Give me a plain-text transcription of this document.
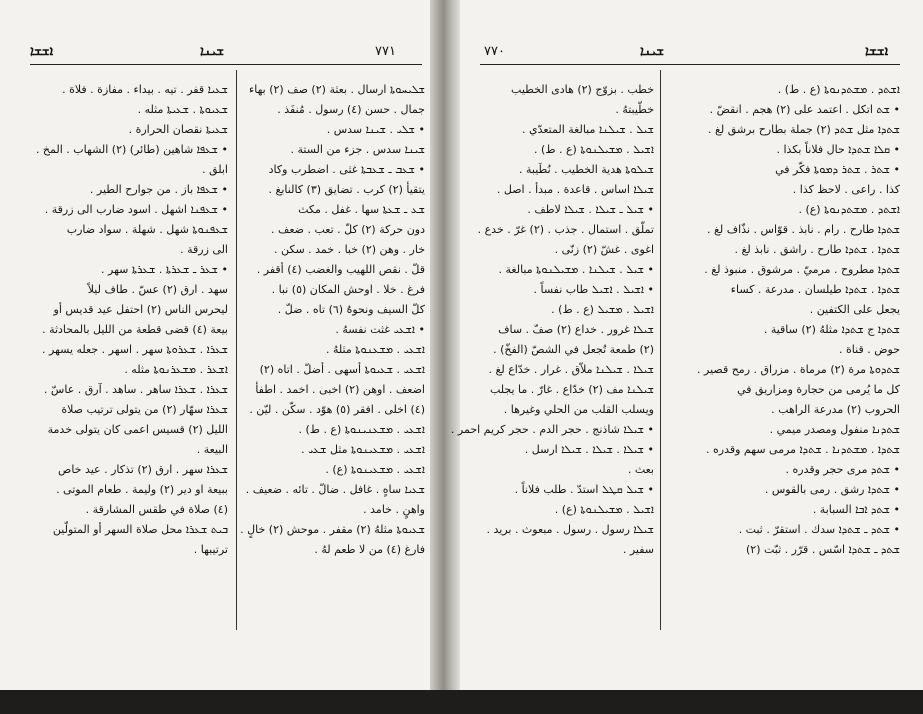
ܐܫܫܐ	ܫܝܢܐ	٧٧١
ܫܠܝܚܘܬܐ ارسال . بعثة (٢) صف (٢) بهاء
جمال . حسن (٤) رسول . مُنفَذ .
• ܫܠܝ . ܫܝܢܐ سدس .
ܫܝܢܐ سدس . جزء من الستة .
• ܫܥܒ ـ ܫܥܒܬܐ غثى . اضطرب وكاد
يتقيأ (٢) كرب . تضايق (٣) كالنابغ .
ܫܥ ـ ܫܥܬܐ سها . غفل . مكث
دون حركة (٢) كلّ . تعب . ضعف .
خار . وهن (٢) خبا . خمد . سكن .
قلّ . نقص اللهيب والغضب (٤) أقفر .
فرغ . خلا . اوحش المكان (٥) نبا .
كلّ السيف ونحوهُ (٦) تاه . ضلّ .
• ܐܫܥܝ غثت نفسهُ .
ܐܫܥܝ . ܡܫܥܢܘܬܐ مثلهُ .
ܐܫܥܝ . ܫܥܝܘܬܐ أسهى . أضلّ . اتاه (٢)
اضعف . اوهن (٢) اخبى . اخمد . اطفأ
(٤) اخلى . افقر (٥) هوّد . سكّن . ليّن .
ܐܫܥܝ . ܡܫܥܢܝܢܘܬܐ (ع . ط) .
ܐܫܥܝ . ܡܫܥܝܢܘܬܐ مثل ܫܥܝ .
ܐܫܥܝ . ܡܫܥܝܢܘܬܐ (ع) .
ܫܥܝܐ ساهٍ . غافل . ضالّ . تائه . ضعيف .
واهنٍ . خامد .
ܫܥܝܘܬܐ مثلهُ (٢) مقفر . موحش (٢) خالٍ .
فارغ (٤) من لا طعم لهُ .
ܫܥܝܐ قفر . تيه . بيداء . مفازة . فلاة .
ܫܥܝܘܬܐ . ܫܥܝܬܐ مثله .
ܫܥܝܬܐ نقصان الحرارة .
• ܫܥܦܐ شاهين (طائر) (٢) الشهاب . المخ .
ابلق .
• ܫܥܦܐ باز . من جوارح الطير .
• ܫܥܦܢܐ اشهل . اسود ضارب الى زرقة .
ܫܥܦܢܘܬܐ شهل . شهلة . سواد ضارب
الى زرقة .
• ܫܥܪ ـ ܫܥܪܬܐ . ܫܥܪܬܐ سهر .
سهد . ارق (٢) عسّ . طاف ليلاً
ليحرس الناس (٢) احتفل عيد قديس أو
بيعة (٤) قضى قطعة من الليل بالمحادثة .
ܫܥܪܐ . ܫܥܪܘܬܐ سهر . اسهر . جعله يسهر .
ܐܫܥܪ . ܡܫܥܪܢܘܬܐ مثله .
ܫܥܪܐ . ܫܥܪܐ ساهر . ساهد . آرق . عاسّ .
ܫܥܪܐ سهّار (٢) من يتولى ترتيب صلاة
الليل (٢) قسيس اعمى كان يتولى خدمة
البيعة .
ܫܥܪܐ سهر . ارق (٢) تذكار . عيد خاص
ببيعة او دير (٢) وليمة . طعام الموتى .
(٤) صلاة في طقس المشارقة .
ܒܝܬ ܫܥܪܐ محل صلاة السهر أو المتولّين
ترتيبها .
٧٧٠	ܫܝܢܐ	ܐܫܫܐ
خطب . بزوّج (٢) هادى الخطيب
خطّيبتهُ .
ܫܝܠ . ܫܝܠܢܐ مبالغة المتعدّي .
ܐܫܝܠ . ܡܫܝܠܢܘܬܐ (ع . ط) .
ܫܝܠܘܬܐ هدية الخطيب . نُطَيبة .
ܫܝܠܐ اساس . قاعدة . مبدأ . اصل .
• ܫܝܠ ـ ܫܝܠܐ . ܫܝܠܐ لاطف .
تملّق . استمال . جذب . (٢) غرّ . خدع .
اغوى . غشّ (٢) زنّى .
• ܫܝܠ . ܫܝܠܢܐ . ܡܫܝܠܢܘܬܐ مبالغة .
• ܐܫܝܠ . ܐܫܝܠ طاب نفساً .
ܐܫܝܠ . ܡܫܝܠ (ع . ط) .
ܫܝܠܐ غرور . خداع (٢) صفّ . ساف
(٢) طمعة تُجعل في الشصّ (الفخّ) .
ܫܝܠܐ . ܫܝܠܢܐ ملاّق . غرار . خدّاع لغ .
ܫܝܠܢܐ مف (٢) خدّاع . غارّ . ما يجلب
ويسلب القلب من الحلي وغيرها .
• ܫܝܠܐ شاذنج . حجر الدم . حجر كريم احمر .
• ܫܝܠܐ . ܫܝܠܐ . ܫܝܠܐ ارسل .
بعث .
• ܫܝܠ ܩܛܠ استدّ . طلب فلاناً .
ܐܫܝܠ . ܡܫܝܠܢܘܬܐ (ع) .
ܫܝܠܐ رسول . رسول . مبعوث . بريد .
سفير .
ܐܫܬܕ . ܡܫܬܕܢܘܬܐ (ع . ط) .
• ܫܬ اتكل . اعتمد على (٢) هجم . انقضّ .
ܫܬܕܐ مثل ܫܬܕ (٢) جملة بطارح برشق لغ .
• ܩܠܐ ܫܬܕܐ حال فلاناً بكذا .
• ܫܬܪ . ܫܬܪ ܕܡܘܬܐ فكّر في
كذا . راعى . لاحظ كذا .
ܐܫܬܕ . ܡܫܬܕܢܘܬܐ (ع) .
ܫܬܕܐ طارح . رام . نابذ . قوّاس . نذّاف لغ .
ܫܬܕܐ . ܫܬܕܐ طارح . راشق . نابذ لغ .
ܫܬܕܐ مطروح . مرميّ . مرشوق . منبوذ لغ .
ܫܬܕܐ . ܫܬܕܐ طيلسان . مدرعة . كساء
يجعل على الكتفين .
ܫܬܕܐ ج ܫܬܕܐ مثلهُ (٢) ساقية .
حوض . قناة .
ܫܬܕܘܬܐ مرة (٢) مرماة . مزراق . رمح قصير .
كل ما يُرمى من حجارة ومزاريق في
الحروب (٢) مدرعة الراهب .
ܫܬܕܢܐ منفول ومصدر ميمي .
ܫܬܕܐ . ܡܫܬܕܢܐ . ܫܬܕܐ مرمى سهم وقدره .
• ܫܬܕ مرى حجر وقدره .
• ܫܬܕܐ رشق . رمى بالقوس .
• ܫܬܕ ܐܒܐ السبابة .
• ܫܬܕ ـ ܫܬܕܐ سدك . استقرّ . ثبت .
ܫܬܕ ـ ܫܬܕܐ اسّس . قرّر . ثبّت (٢)
